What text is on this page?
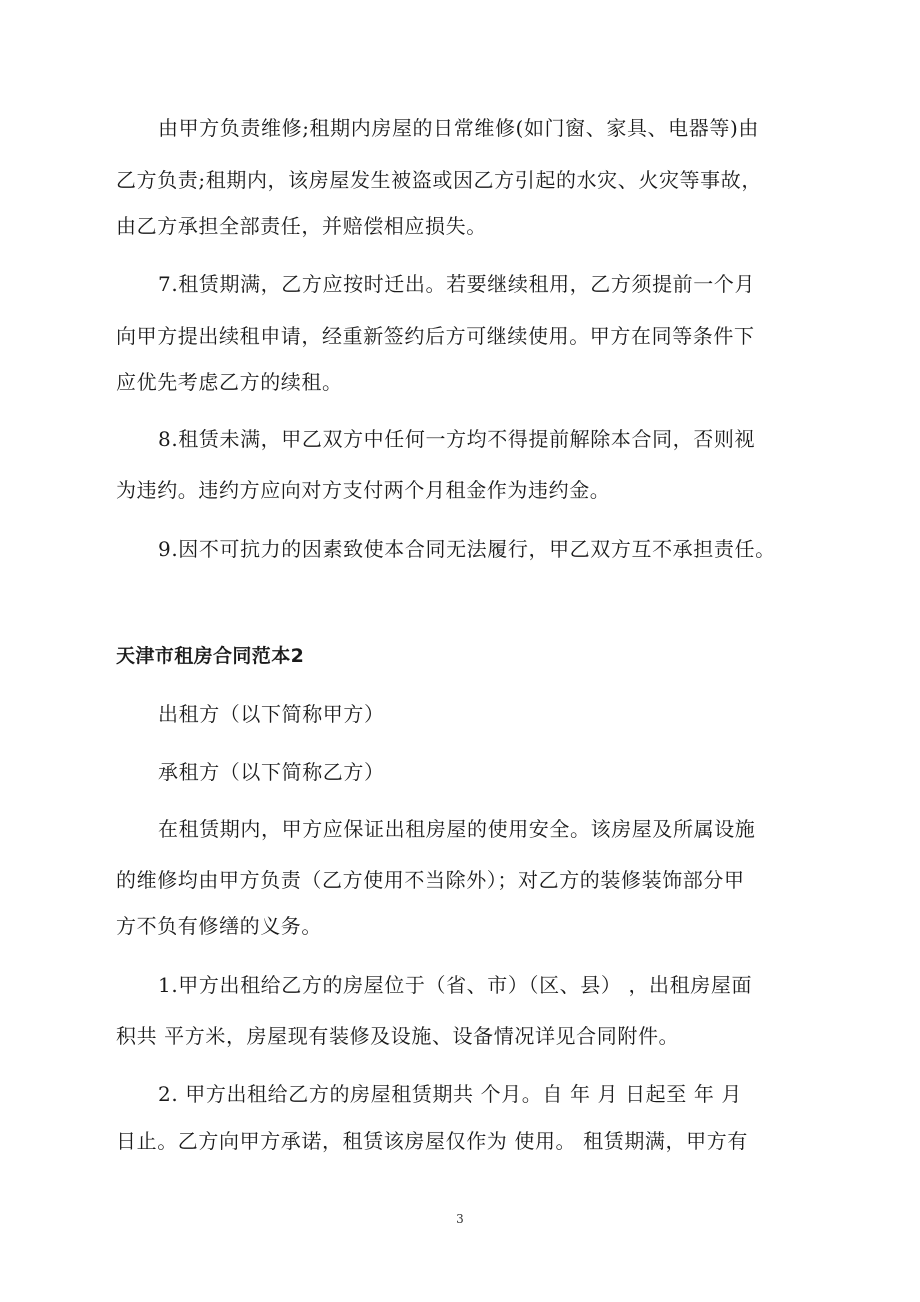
由甲方负责维修;租期内房屋的日常维修(如门窗、家具、电器等)由
乙方负责;租期内，该房屋发生被盗或因乙方引起的水灾、火灾等事故，
由乙方承担全部责任，并赔偿相应损失。
7.租赁期满，乙方应按时迁出。若要继续租用，乙方须提前一个月
向甲方提出续租申请，经重新签约后方可继续使用。甲方在同等条件下
应优先考虑乙方的续租。
8.租赁未满，甲乙双方中任何一方均不得提前解除本合同，否则视
为违约。违约方应向对方支付两个月租金作为违约金。
9.因不可抗力的因素致使本合同无法履行，甲乙双方互不承担责任。
天津市租房合同范本2
出租方（以下简称甲方）
承租方（以下简称乙方）
在租赁期内，甲方应保证出租房屋的使用安全。该房屋及所属设施
的维修均由甲方负责（乙方使用不当除外）；对乙方的装修装饰部分甲
方不负有修缮的义务。
1.甲方出租给乙方的房屋位于（省、市）（区、县） ，出租房屋面
积共 平方米，房屋现有装修及设施、设备情况详见合同附件。
2. 甲方出租给乙方的房屋租赁期共 个月。自 年 月 日起至 年 月
日止。乙方向甲方承诺，租赁该房屋仅作为 使用。 租赁期满，甲方有
3
